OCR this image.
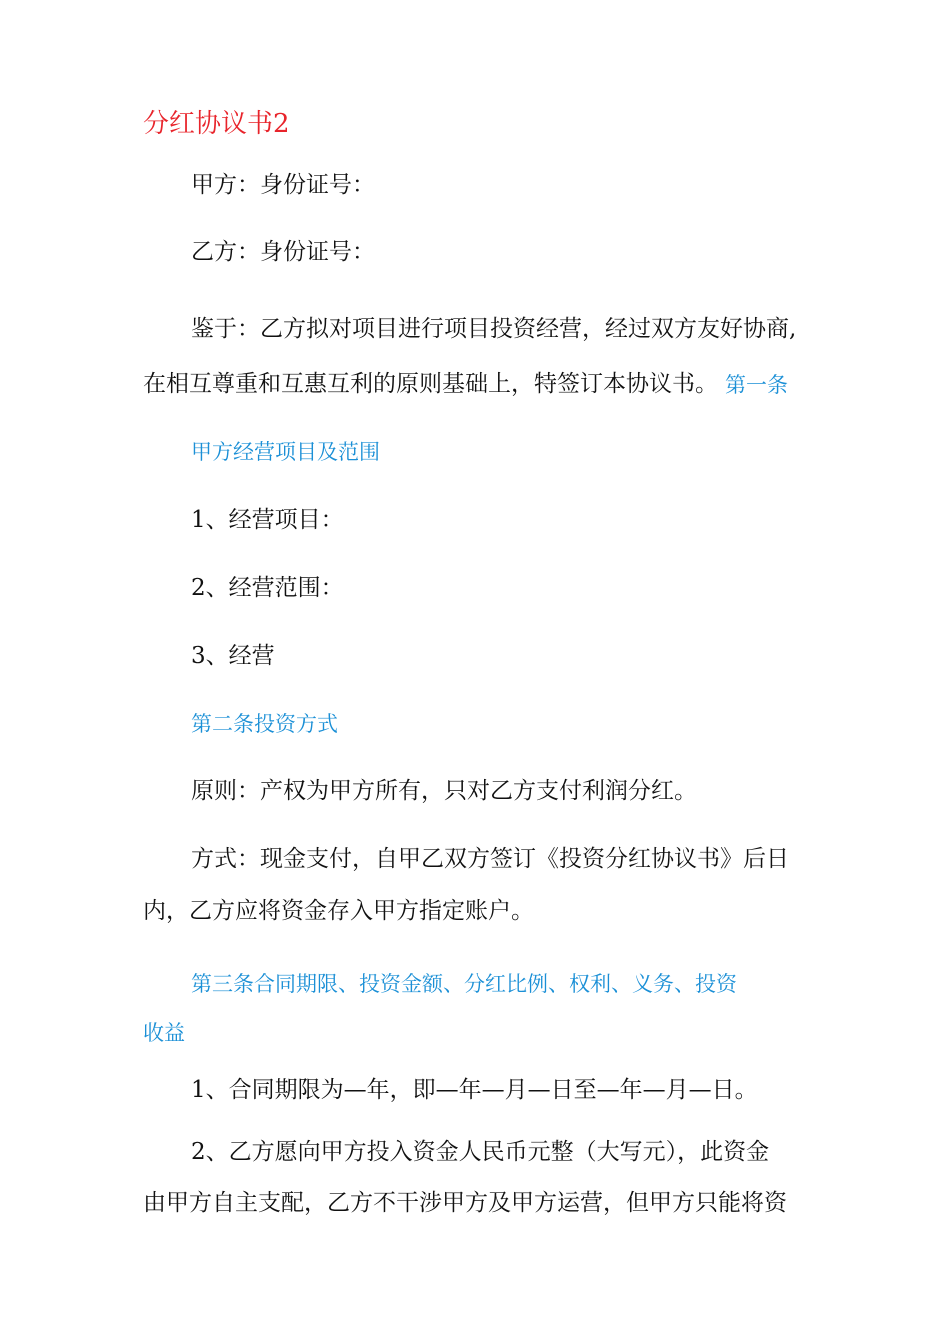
分红协议书2
甲方：身份证号：
乙方：身份证号：
鉴于：乙方拟对项目进行项目投资经营，经过双方友好协商,
在相互尊重和互惠互利的原则基础上，特签订本协议书。 第一条
甲方经营项目及范围
1、经营项目：
2、经营范围：
3、经营
第二条投资方式
原则：产权为甲方所有，只对乙方支付利润分红。
方式：现金支付，自甲乙双方签订《投资分红协议书》后日
内，乙方应将资金存入甲方指定账户。
第三条合同期限、投资金额、分红比例、权利、义务、投资
收益
1、合同期限为—年，即—年—月—日至—年—月—日。
2、乙方愿向甲方投入资金人民币元整（大写元），此资金
由甲方自主支配，乙方不干涉甲方及甲方运营，但甲方只能将资
